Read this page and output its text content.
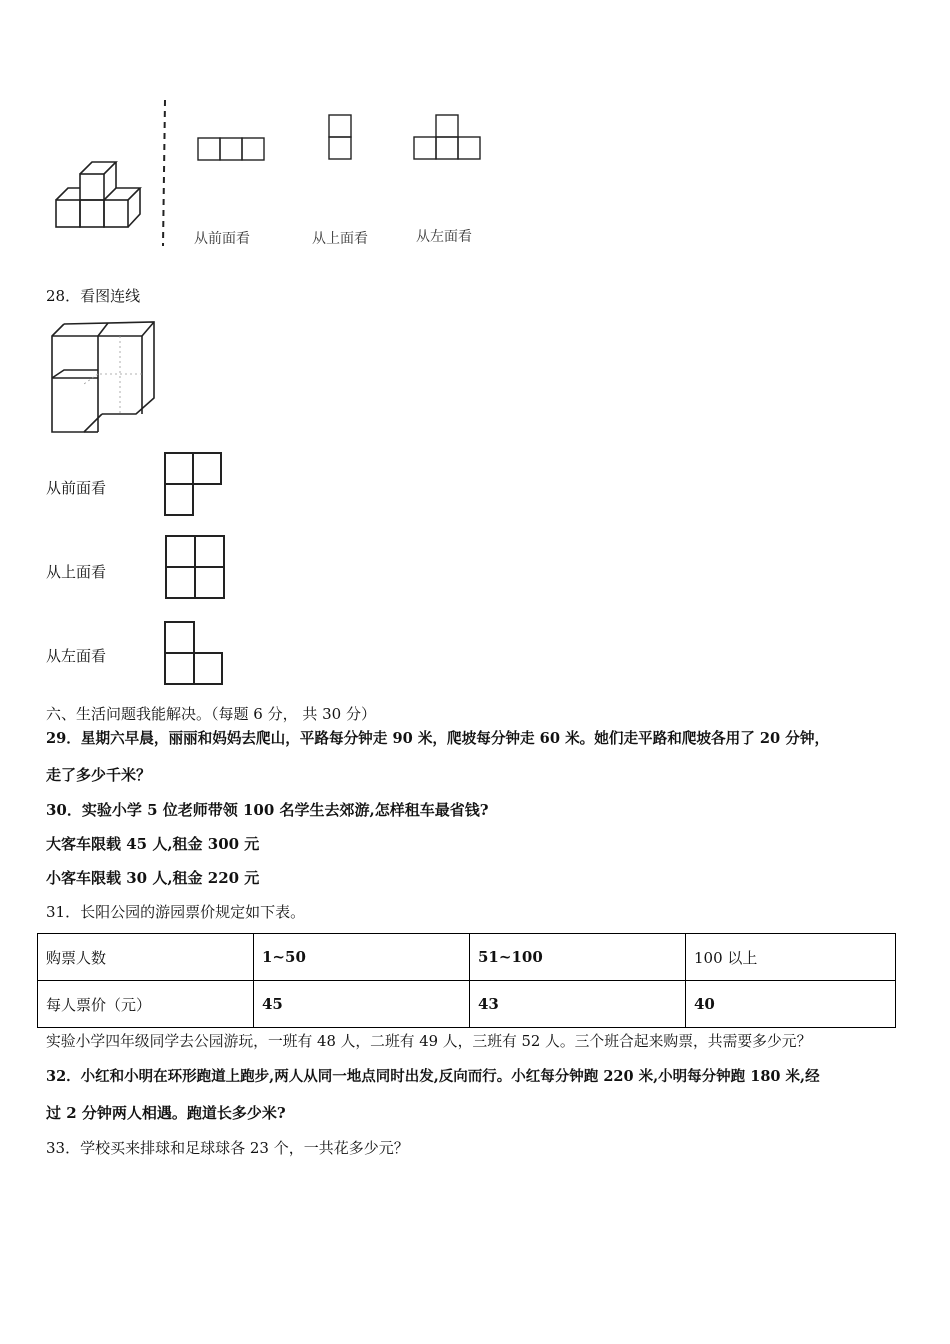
从前面看	从上面看	从左面看
28．看图连线
从前面看
从上面看
从左面看
六、生活问题我能解决。（每题 6 分， 共 30 分）
29．星期六早晨，丽丽和妈妈去爬山，平路每分钟走 90 米，爬坡每分钟走 60 米。她们走平路和爬坡各用了 20 分钟，
走了多少千米？
30．实验小学 5 位老师带领 100 名学生去郊游,怎样租车最省钱?
大客车限载 45 人,租金 300 元
小客车限载 30 人,租金 220 元
31．长阳公园的游园票价规定如下表。
购票人数	1~50	51~100	100 以上
每人票价（元）	45	43	40
实验小学四年级同学去公园游玩，一班有 48 人，二班有 49 人，三班有 52 人。三个班合起来购票，共需要多少元？
32．小红和小明在环形跑道上跑步,两人从同一地点同时出发,反向而行。小红每分钟跑 220 米,小明每分钟跑 180 米,经
过 2 分钟两人相遇。跑道长多少米?
33．学校买来排球和足球球各 23 个，一共花多少元？
